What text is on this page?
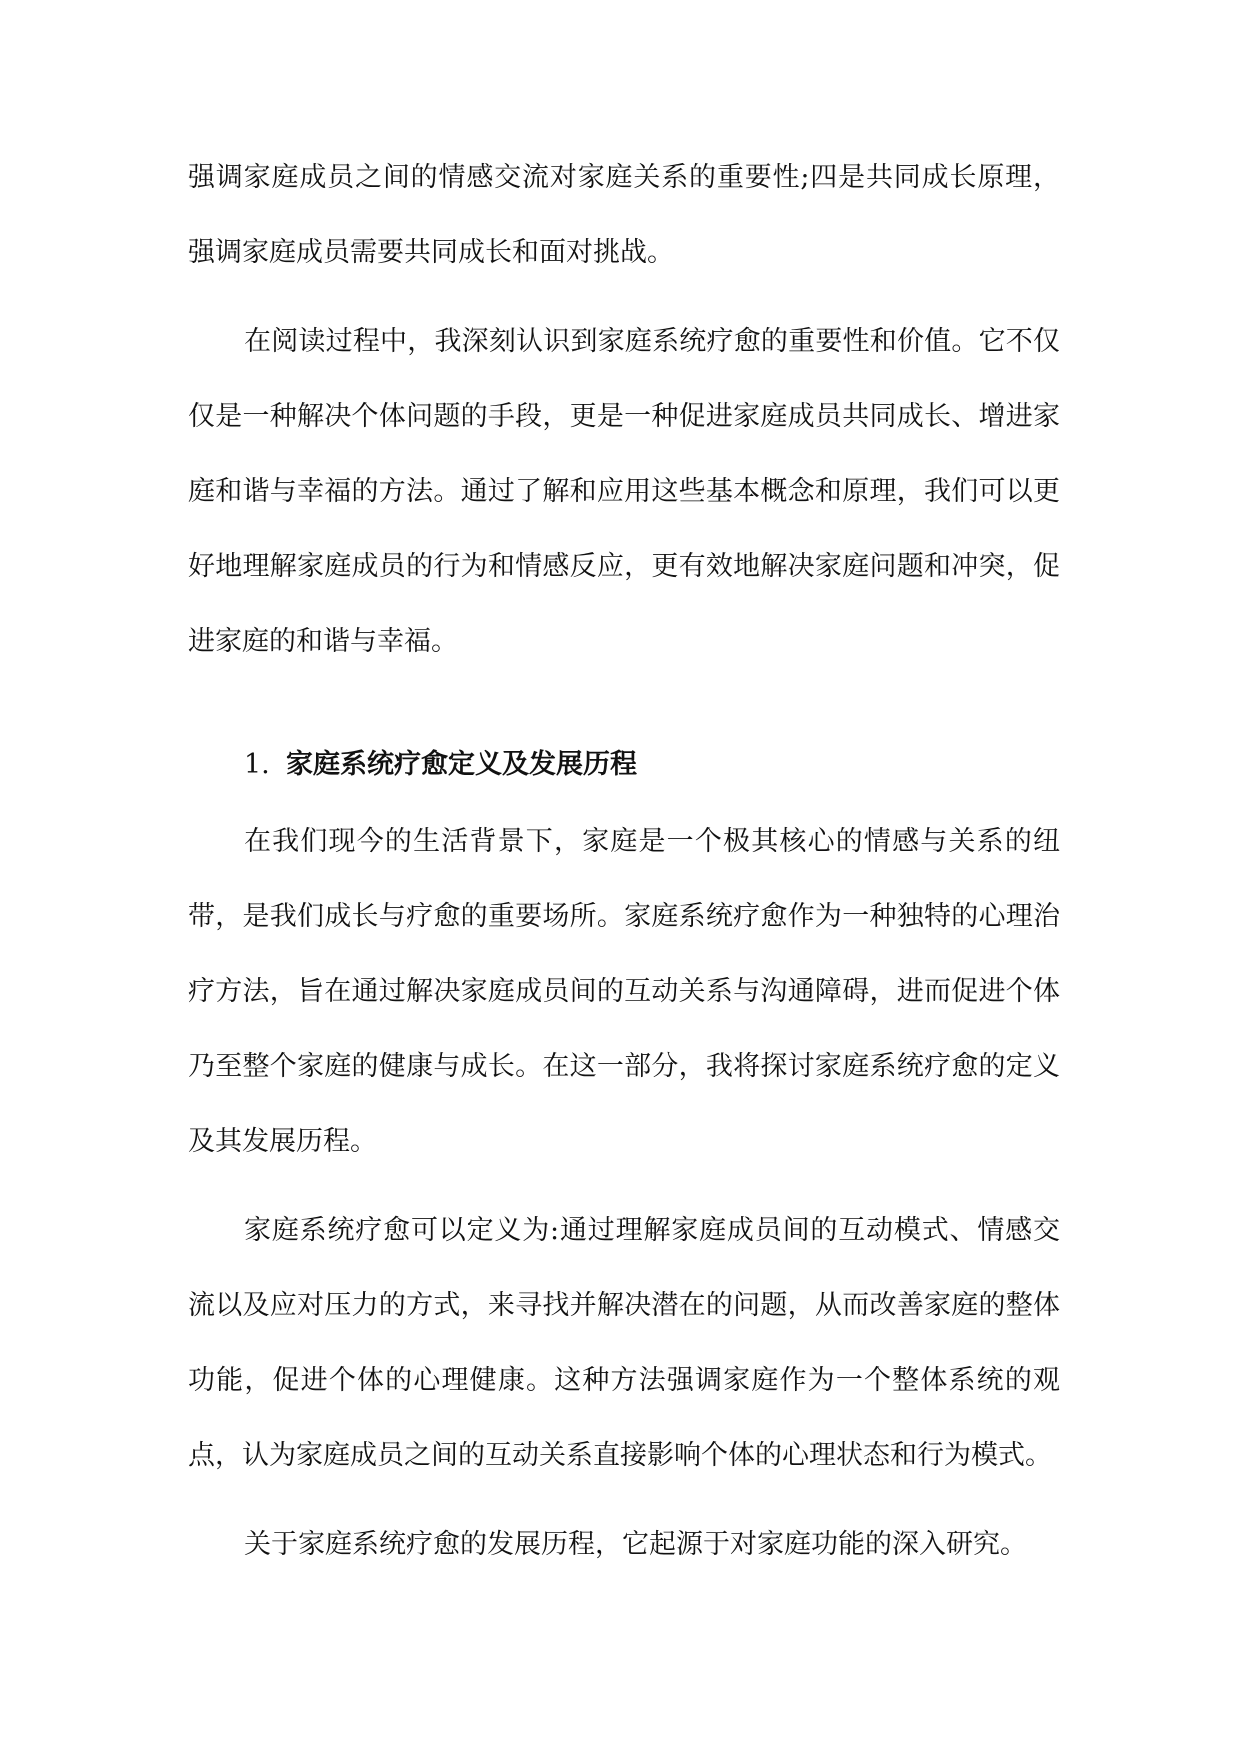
强调家庭成员之间的情感交流对家庭关系的重要性;四是共同成长原理，强调家庭成员需要共同成长和面对挑战。

在阅读过程中，我深刻认识到家庭系统疗愈的重要性和价值。它不仅仅是一种解决个体问题的手段，更是一种促进家庭成员共同成长、增进家庭和谐与幸福的方法。通过了解和应用这些基本概念和原理，我们可以更好地理解家庭成员的行为和情感反应，更有效地解决家庭问题和冲突，促进家庭的和谐与幸福。

1. 家庭系统疗愈定义及发展历程

在我们现今的生活背景下，家庭是一个极其核心的情感与关系的纽带，是我们成长与疗愈的重要场所。家庭系统疗愈作为一种独特的心理治疗方法，旨在通过解决家庭成员间的互动关系与沟通障碍，进而促进个体乃至整个家庭的健康与成长。在这一部分，我将探讨家庭系统疗愈的定义及其发展历程。

家庭系统疗愈可以定义为:通过理解家庭成员间的互动模式、情感交流以及应对压力的方式，来寻找并解决潜在的问题，从而改善家庭的整体功能，促进个体的心理健康。这种方法强调家庭作为一个整体系统的观点，认为家庭成员之间的互动关系直接影响个体的心理状态和行为模式。

关于家庭系统疗愈的发展历程，它起源于对家庭功能的深入研究。
